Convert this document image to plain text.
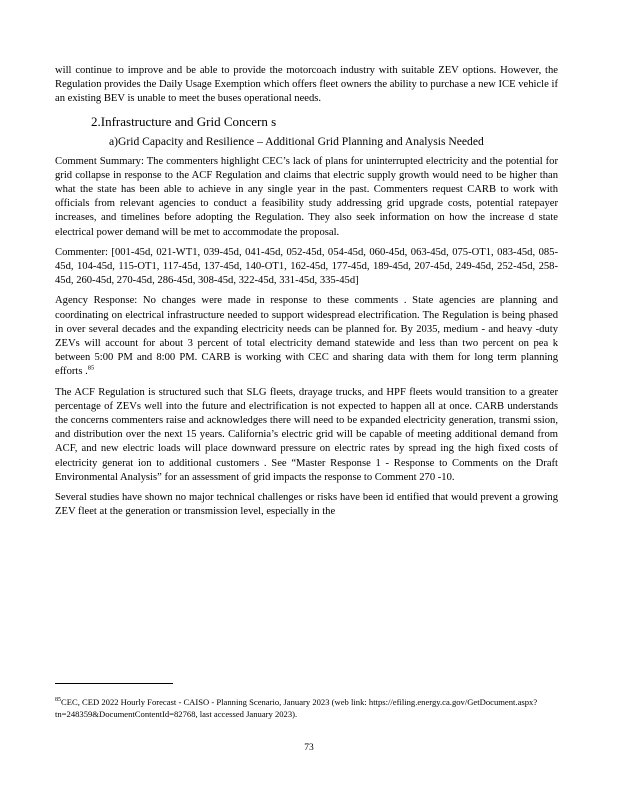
will continue to improve and be able to provide the motorcoach industry with suitable ZEV options. However, the Regulation provides the Daily Usage Exemption which offers fleet owners the ability to purchase a new ICE vehicle if an existing BEV is unable to meet the buses operational needs.

2.Infrastructure and Grid Concern s
a)Grid Capacity and Resilience – Additional Grid Planning and Analysis Needed

Comment Summary: The commenters highlight CEC’s lack of plans for uninterrupted electricity and the potential for grid collapse in response to the ACF Regulation and claims that electric supply growth would need to be higher than what the state has been able to achieve in any single year in the past. Commenters request CARB to work with officials from relevant agencies to conduct a feasibility study addressing grid upgrade costs, potential ratepayer increases, and timelines before adopting the Regulation. They also seek information on how the increase d state electrical power demand will be met to accommodate the proposal.

Commenter: [001-45d, 021-WT1, 039-45d, 041-45d, 052-45d, 054-45d, 060-45d, 063-45d, 075-OT1, 083-45d, 085-45d, 104-45d, 115-OT1, 117-45d, 137-45d, 140-OT1, 162-45d, 177-45d, 189-45d, 207-45d, 249-45d, 252-45d, 258-45d, 260-45d, 270-45d, 286-45d, 308-45d, 322-45d, 331-45d, 335-45d]

Agency Response: No changes were made in response to these comments . State agencies are planning and coordinating on electrical infrastructure needed to support widespread electrification. The Regulation is being phased in over several decades and the expanding electricity needs can be planned for. By 2035, medium - and heavy -duty ZEVs will account for about 3 percent of total electricity demand statewide and less than two percent on pea k between 5:00 PM and 8:00 PM. CARB is working with CEC and sharing data with them for long term planning efforts .$^{85}$

The ACF Regulation is structured such that SLG fleets, drayage trucks, and HPF fleets would transition to a greater percentage of ZEVs well into the future and electrification is not expected to happen all at once. CARB understands the concerns commenters raise and acknowledges there will need to be expanded electricity generation, transmi ssion, and distribution over the next 15 years. California’s electric grid will be capable of meeting additional demand from ACF, and new electric loads will place downward pressure on electric rates by spread ing the high fixed costs of electricity generat ion to additional customers . See “Master Response 1 - Response to Comments on the Draft Environmental Analysis” for an assessment of grid impacts the response to Comment 270 -10.

Several studies have shown no major technical challenges or risks have been id entified that would prevent a growing ZEV fleet at the generation or transmission level, especially in the

$^{85}$CEC, CED 2022 Hourly Forecast - CAISO - Planning Scenario, January 2023 (web link: https://efiling.energy.ca.gov/GetDocument.aspx?tn=248359&DocumentContentId=82768, last accessed January 2023).
73
